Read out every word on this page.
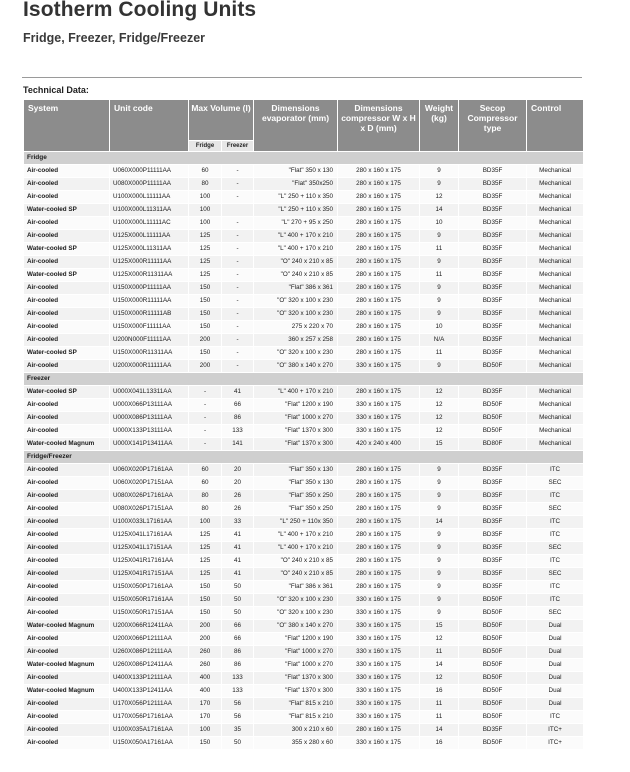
Isotherm Cooling Units
Fridge, Freezer, Fridge/Freezer
Technical Data:
System	Unit code	Max Volume (l)		Dimensions evaporator (mm)	Dimensions compressor W x H x D (mm)	Weight (kg)	Secop Compressor type	Control
		Fridge	Freezer					
Fridge								
Air-cooled	U060X000P11111AA	60	-	"Flat" 350 x 130	280 x 160 x 175	9	BD35F	Mechanical
Air-cooled	U080X000P11111AA	80	-	"Flat" 350x250	280 x 160 x 175	9	BD35F	Mechanical
Air-cooled	U100X000L11111AA	100	-	"L" 250 + 110 x 350	280 x 160 x 175	12	BD35F	Mechanical
Water-cooled SP	U100X000L11311AA	100		"L" 250 + 110 x 350	280 x 160 x 175	14	BD35F	Mechanical
Air-cooled	U100X000L11111AC	100	-	"L" 270 + 95 x 250	280 x 160 x 175	10	BD35F	Mechanical
Air-cooled	U125X000L11111AA	125	-	"L" 400 + 170 x 210	280 x 160 x 175	9	BD35F	Mechanical
Water-cooled SP	U125X000L11311AA	125	-	"L" 400 + 170 x 210	280 x 160 x 175	11	BD35F	Mechanical
Air-cooled	U125X000R11111AA	125	-	"O" 240 x 210 x 85	280 x 160 x 175	9	BD35F	Mechanical
Water-cooled SP	U125X000R11311AA	125	-	"O" 240 x 210 x 85	280 x 160 x 175	11	BD35F	Mechanical
Air-cooled	U150X000P11111AA	150	-	"Flat" 386 x 361	280 x 160 x 175	9	BD35F	Mechanical
Air-cooled	U150X000R11111AA	150	-	"O" 320 x 100 x 230	280 x 160 x 175	9	BD35F	Mechanical
Air-cooled	U150X000R11111AB	150	-	"O" 320 x 100 x 230	280 x 160 x 175	9	BD35F	Mechanical
Air-cooled	U150X000F11111AA	150	-	275 x 220 x 70	280 x 160 x 175	10	BD35F	Mechanical
Air-cooled	U200N000F11111AA	200	-	360 x 257 x 258	280 x 160 x 175	N/A	BD35F	Mechanical
Water-cooled SP	U150X000R11311AA	150	-	"O" 320 x 100 x 230	280 x 160 x 175	11	BD35F	Mechanical
Air-cooled	U200X000R11111AA	200	-	"O" 380 x 140 x 270	330 x 160 x 175	9	BD50F	Mechanical
Freezer								
Water-cooled SP	U000X041L13311AA	-	41	"L" 400 + 170 x 210	280 x 160 x 175	12	BD35F	Mechanical
Air-cooled	U000X066P13111AA	-	66	"Flat" 1200 x 190	330 x 160 x 175	12	BD50F	Mechanical
Air-cooled	U000X086P13111AA	-	86	"Flat" 1000 x 270	330 x 160 x 175	12	BD50F	Mechanical
Air-cooled	U000X133P13111AA	-	133	"Flat" 1370 x 300	330 x 160 x 175	12	BD50F	Mechanical
Water-cooled Magnum	U000X141P13411AA	-	141	"Flat" 1370 x 300	420 x 240 x 400	15	BD80F	Mechanical
Fridge/Freezer								
Air-cooled	U060X020P17161AA	60	20	"Flat" 350 x 130	280 x 160 x 175	9	BD35F	ITC
Air-cooled	U060X020P17151AA	60	20	"Flat" 350 x 130	280 x 160 x 175	9	BD35F	SEC
Air-cooled	U080X026P17161AA	80	26	"Flat" 350 x 250	280 x 160 x 175	9	BD35F	ITC
Air-cooled	U080X026P17151AA	80	26	"Flat" 350 x 250	280 x 160 x 175	9	BD35F	SEC
Air-cooled	U100X033L17161AA	100	33	"L" 250 + 110x 350	280 x 160 x 175	14	BD35F	ITC
Air-cooled	U125X041L17161AA	125	41	"L" 400 + 170 x 210	280 x 160 x 175	9	BD35F	ITC
Air-cooled	U125X041L17151AA	125	41	"L" 400 + 170 x 210	280 x 160 x 175	9	BD35F	SEC
Air-cooled	U125X041R17161AA	125	41	"O" 240 x 210 x 85	280 x 160 x 175	9	BD35F	ITC
Air-cooled	U125X041R17151AA	125	41	"O" 240 x 210 x 85	280 x 160 x 175	9	BD35F	SEC
Air-cooled	U150X050P17161AA	150	50	"Flat" 386 x 361	280 x 160 x 175	9	BD35F	ITC
Air-cooled	U150X050R17161AA	150	50	"O" 320 x 100 x 230	330 x 160 x 175	9	BD50F	ITC
Air-cooled	U150X050R17151AA	150	50	"O" 320 x 100 x 230	330 x 160 x 175	9	BD50F	SEC
Water-cooled Magnum	U200X066R12411AA	200	66	"O" 380 x 140 x 270	330 x 160 x 175	15	BD50F	Dual
Air-cooled	U200X066P12111AA	200	66	"Flat" 1200 x 190	330 x 160 x 175	12	BD50F	Dual
Air-cooled	U260X086P12111AA	260	86	"Flat" 1000 x 270	330 x 160 x 175	11	BD50F	Dual
Water-cooled Magnum	U260X086P12411AA	260	86	"Flat" 1000 x 270	330 x 160 x 175	14	BD50F	Dual
Air-cooled	U400X133P12111AA	400	133	"Flat" 1370 x 300	330 x 160 x 175	12	BD50F	Dual
Water-cooled Magnum	U400X133P12411AA	400	133	"Flat" 1370 x 300	330 x 160 x 175	16	BD50F	Dual
Air-cooled	U170X056P12111AA	170	56	"Flat" 815 x 210	330 x 160 x 175	11	BD50F	Dual
Air-cooled	U170X056P17161AA	170	56	"Flat" 815 x 210	330 x 160 x 175	11	BD50F	ITC
Air-cooled	U100X035A17161AA	100	35	300 x 210 x 60	280 x 160 x 175	14	BD35F	ITC+
Air-cooled	U150X050A17161AA	150	50	355 x 280 x 60	330 x 160 x 175	16	BD50F	ITC+
